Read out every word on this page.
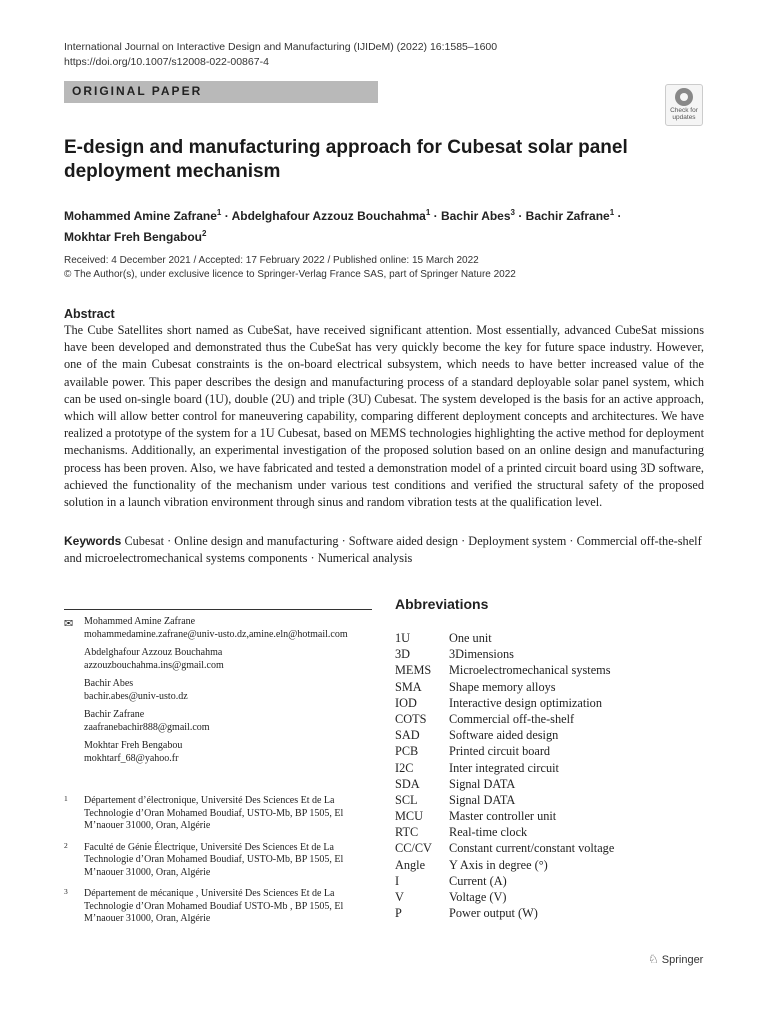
International Journal on Interactive Design and Manufacturing (IJIDeM) (2022) 16:1585–1600
https://doi.org/10.1007/s12008-022-00867-4
ORIGINAL PAPER
Check for
updates
E-design and manufacturing approach for Cubesat solar panel deployment mechanism
Mohammed Amine Zafrane$^1$ · Abdelghafour Azzouz Bouchahma$^1$ · Bachir Abes$^3$ · Bachir Zafrane$^1$ ·
Mokhtar Freh Bengabou$^2$
Received: 4 December 2021 / Accepted: 17 February 2022 / Published online: 15 March 2022
© The Author(s), under exclusive licence to Springer-Verlag France SAS, part of Springer Nature 2022
Abstract
The Cube Satellites short named as CubeSat, have received significant attention. Most essentially, advanced CubeSat missions have been developed and demonstrated thus the CubeSat has very quickly become the key for future space industry. However, one of the main Cubesat constraints is the on-board electrical subsystem, which needs to have better increased value of the available power. This paper describes the design and manufacturing process of a standard deployable solar panel system, which can be used on-single board (1U), double (2U) and triple (3U) Cubesat. The system developed is the basis for an active approach, which will allow better control for maneuvering capability, comparing different deployment concepts and architectures. We have realized a prototype of the system for a 1U Cubesat, based on MEMS technologies highlighting the active method for deployment mechanisms. Additionally, an experimental investigation of the proposed solution based on an online design and manufacturing process has been proven. Also, we have fabricated and tested a demonstration model of a printed circuit board using 3D software, achieved the functionality of the mechanism under various test conditions and verified the structural safety of the proposed solution in a launch vibration environment through sinus and random vibration tests at the qualification level.
Keywords Cubesat · Online design and manufacturing · Software aided design · Deployment system · Commercial off-the-shelf and microelectromechanical systems components · Numerical analysis
✉ Mohammed Amine Zafrane
mohammedamine.zafrane@univ-usto.dz,amine.eln@hotmail.com
Abdelghafour Azzouz Bouchahma
azzouzbouchahma.ins@gmail.com
Bachir Abes
bachir.abes@univ-usto.dz
Bachir Zafrane
zaafranebachir888@gmail.com
Mokhtar Freh Bengabou
mokhtarf_68@yahoo.fr
1 Département d’électronique, Université Des Sciences Et de La Technologie d’Oran Mohamed Boudiaf, USTO-Mb, BP 1505, El M’naouer 31000, Oran, Algérie
2 Faculté de Génie Électrique, Université Des Sciences Et de La Technologie d’Oran Mohamed Boudiaf, USTO-Mb, BP 1505, El M’naouer 31000, Oran, Algérie
3 Département de mécanique , Université Des Sciences Et de La Technologie d’Oran Mohamed Boudiaf USTO-Mb , BP 1505, El M’naouer 31000, Oran, Algérie
Abbreviations
1U	One unit
3D	3Dimensions
MEMS Microelectromechanical systems
SMA Shape memory alloys
IOD	Interactive design optimization
COTS Commercial off-the-shelf
SAD Software aided design
PCB	Printed circuit board
I2C	Inter integrated circuit
SDA Signal DATA
SCL	Signal DATA
MCU Master controller unit
RTC	Real-time clock
CC/CV Constant current/constant voltage
Angle Y Axis in degree (°)
I	Current (A)
V	Voltage (V)
P	Power output (W)
♘ Springer
